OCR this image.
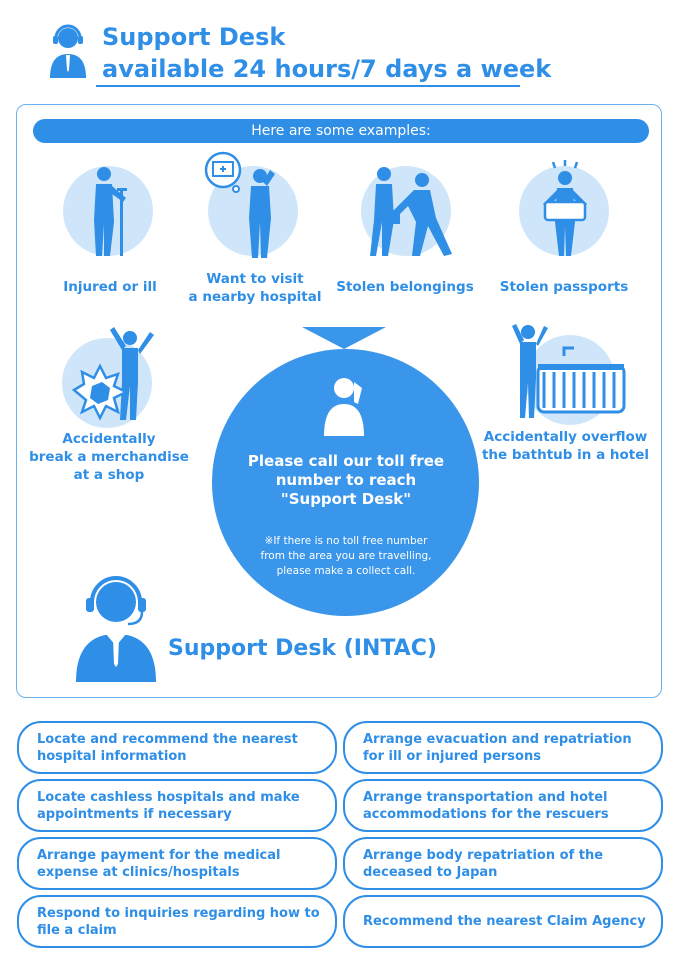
Support Desk
available 24 hours/7 days a week
Here are some examples:
Injured or ill	Want to visit
a nearby hospital
Stolen belongings	Stolen passports
Accidentally
break a merchandise
at a shop
Accidentally overflow
the bathtub in a hotel
Please call our toll free
number to reach
"Support Desk"
※If there is no toll free number
from the area you are travelling,
please make a collect call.
Support Desk (INTAC)
Locate and recommend the nearest
hospital information
Arrange evacuation and repatriation
for ill or injured persons
Locate cashless hospitals and make
appointments if necessary
Arrange transportation and hotel
accommodations for the rescuers
Arrange payment for the medical
expense at clinics/hospitals
Arrange body repatriation of the
deceased to Japan
Respond to inquiries regarding how to
file a claim
Recommend the nearest Claim Agency
